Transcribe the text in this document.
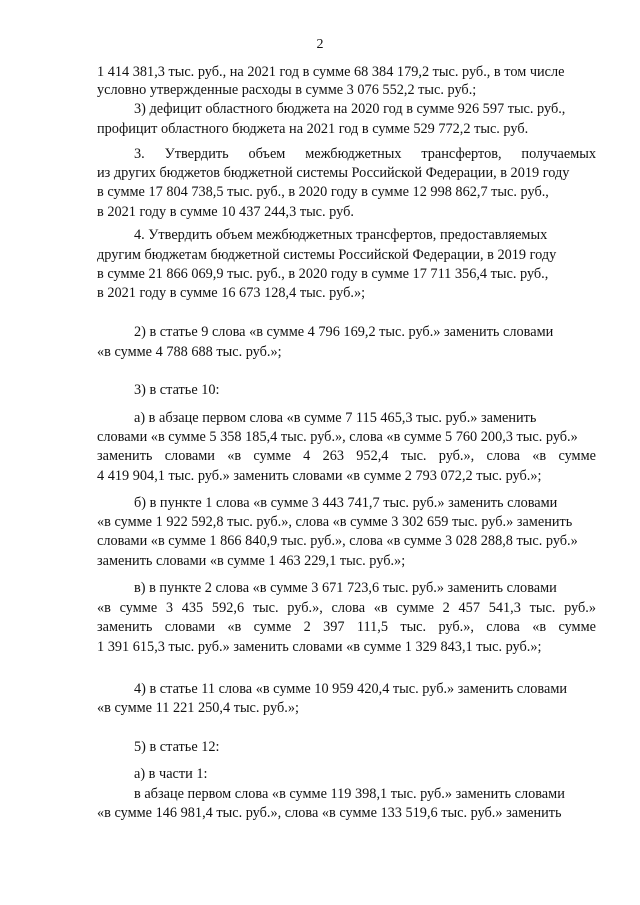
2
1 414 381,3 тыс. руб., на 2021 год в сумме 68 384 179,2 тыс. руб., в том числе
условно утвержденные расходы в сумме 3 076 552,2 тыс. руб.;
3) дефицит областного бюджета на 2020 год в сумме 926 597 тыс. руб.,
профицит областного бюджета на 2021 год в сумме 529 772,2 тыс. руб.
3. Утвердить объем межбюджетных трансфертов, получаемых
из других бюджетов бюджетной системы Российской Федерации, в 2019 году
в сумме 17 804 738,5 тыс. руб., в 2020 году в сумме 12 998 862,7 тыс. руб.,
в 2021 году в сумме 10 437 244,3 тыс. руб.
4. Утвердить объем межбюджетных трансфертов, предоставляемых
другим бюджетам бюджетной системы Российской Федерации, в 2019 году
в сумме 21 866 069,9 тыс. руб., в 2020 году в сумме 17 711 356,4 тыс. руб.,
в 2021 году в сумме 16 673 128,4 тыс. руб.»;
2) в статье 9 слова «в сумме 4 796 169,2 тыс. руб.» заменить словами
«в сумме 4 788 688 тыс. руб.»;
3) в статье 10:
а) в абзаце первом слова «в сумме 7 115 465,3 тыс. руб.» заменить
словами «в сумме 5 358 185,4 тыс. руб.», слова «в сумме 5 760 200,3 тыс. руб.»
заменить словами «в сумме 4 263 952,4 тыс. руб.», слова «в сумме
4 419 904,1 тыс. руб.» заменить словами «в сумме 2 793 072,2 тыс. руб.»;
б) в пункте 1 слова «в сумме 3 443 741,7 тыс. руб.» заменить словами
«в сумме 1 922 592,8 тыс. руб.», слова «в сумме 3 302 659 тыс. руб.» заменить
словами «в сумме 1 866 840,9 тыс. руб.», слова «в сумме 3 028 288,8 тыс. руб.»
заменить словами «в сумме 1 463 229,1 тыс. руб.»;
в) в пункте 2 слова «в сумме 3 671 723,6 тыс. руб.» заменить словами
«в сумме 3 435 592,6 тыс. руб.», слова «в сумме 2 457 541,3 тыс. руб.»
заменить словами «в сумме 2 397 111,5 тыс. руб.», слова «в сумме
1 391 615,3 тыс. руб.» заменить словами «в сумме 1 329 843,1 тыс. руб.»;
4) в статье 11 слова «в сумме 10 959 420,4 тыс. руб.» заменить словами
«в сумме 11 221 250,4 тыс. руб.»;
5) в статье 12:
а) в части 1:
в абзаце первом слова «в сумме 119 398,1 тыс. руб.» заменить словами
«в сумме 146 981,4 тыс. руб.», слова «в сумме 133 519,6 тыс. руб.» заменить
